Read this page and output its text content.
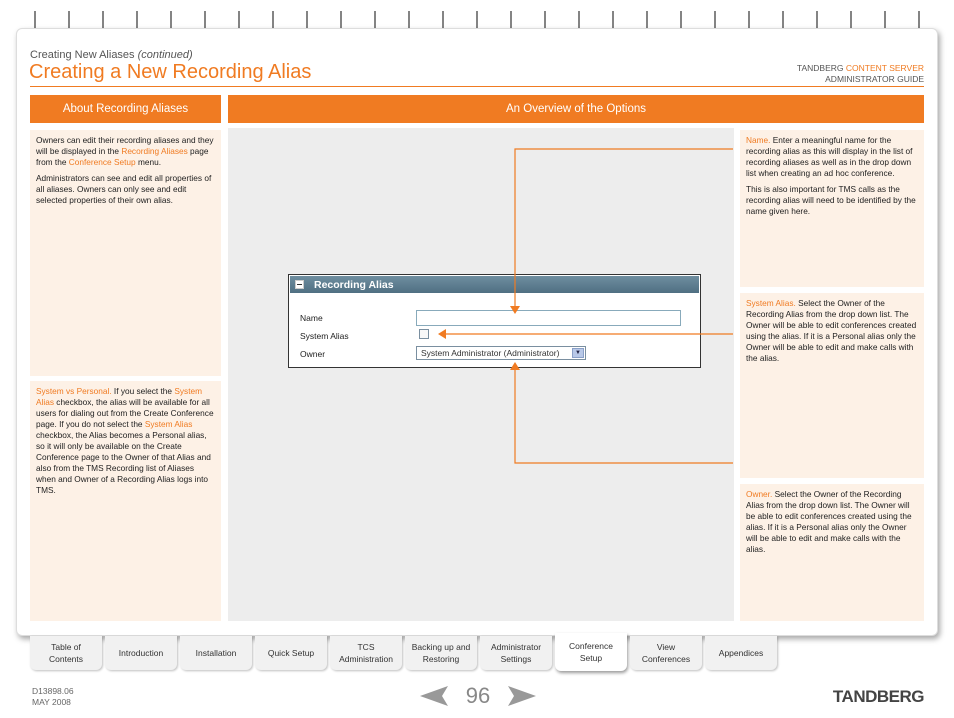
Creating New Aliases (continued)
Creating a New Recording Alias	TANDBERG CONTENT SERVER
ADMINISTRATOR GUIDE
About Recording Aliases	An Overview of the Options

Owners can edit their recording aliases and they will be displayed in the Recording Aliases page from the Conference Setup menu.

Administrators can see and edit all properties of all aliases. Owners can only see and edit selected properties of their own alias.

System vs Personal. If you select the System Alias checkbox, the alias will be available for all users for dialing out from the Create Conference page. If you do not select the System Alias checkbox, the Alias becomes a Personal alias, so it will only be available on the Create Conference page to the Owner of that Alias and also from the TMS Recording list of Aliases when and Owner of a Recording Alias logs into TMS.

Name. Enter a meaningful name for the recording alias as this will display in the list of recording aliases as well as in the drop down list when creating an ad hoc conference.

This is also important for TMS calls as the recording alias will need to be identified by the name given here.

System Alias. Select the Owner of the Recording Alias from the drop down list. The Owner will be able to edit conferences created using the alias. If it is a Personal alias only the Owner will be able to edit and make calls with the alias.

Owner. Select the Owner of the Recording Alias from the drop down list. The Owner will be able to edit conferences created using the alias. If it is a Personal alias only the Owner will be able to edit and make calls with the alias.

Recording Alias
Name
System Alias
Owner	System Administrator (Administrator)	▼
Table of
Contents
Introduction	Installation	Quick Setup
TCS
Administration
Backing up and
Restoring
Administrator
Settings
Conference
Setup
View
Conferences
Appendices
D13898.06
MAY 2008	96	TANDBERG
